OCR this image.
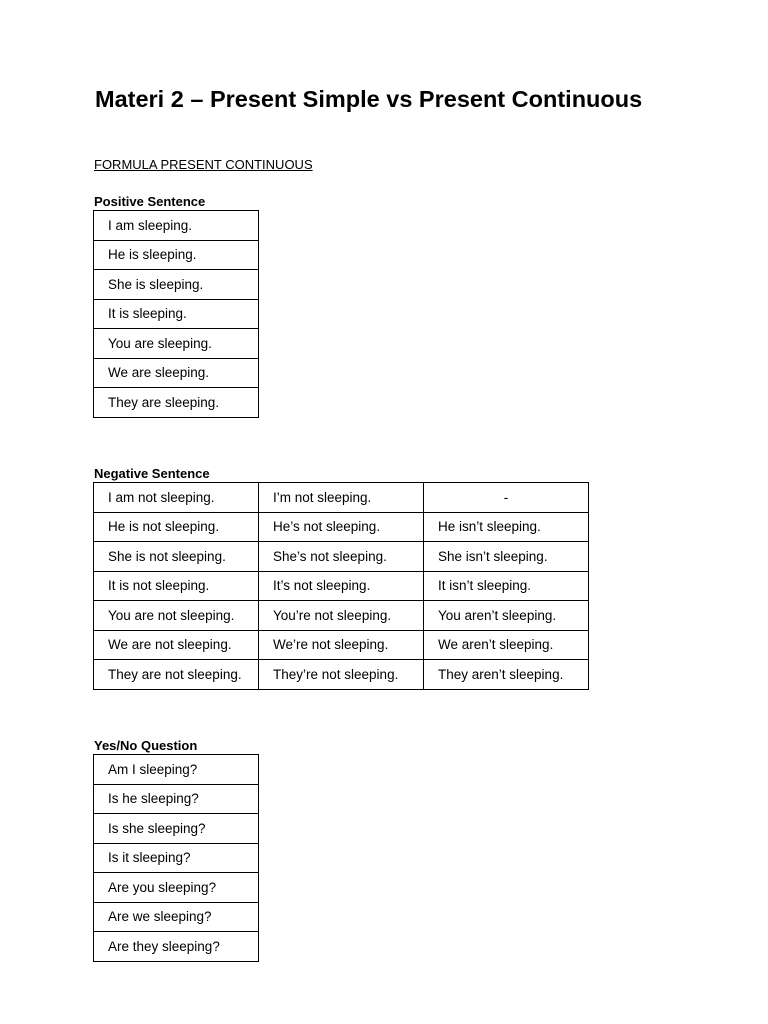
Materi 2 – Present Simple vs Present Continuous
FORMULA PRESENT CONTINUOUS
Positive Sentence
I am sleeping.
He is sleeping.
She is sleeping.
It is sleeping.
You are sleeping.
We are sleeping.
They are sleeping.
Negative Sentence
I am not sleeping.	I’m not sleeping.	-
He is not sleeping.	He’s not sleeping.	He isn’t sleeping.
She is not sleeping.	She’s not sleeping.	She isn’t sleeping.
It is not sleeping.	It’s not sleeping.	It isn’t sleeping.
You are not sleeping.	You’re not sleeping.	You aren’t sleeping.
We are not sleeping.	We’re not sleeping.	We aren’t sleeping.
They are not sleeping.	They’re not sleeping.	They aren’t sleeping.
Yes/No Question
Am I sleeping?
Is he sleeping?
Is she sleeping?
Is it sleeping?
Are you sleeping?
Are we sleeping?
Are they sleeping?
